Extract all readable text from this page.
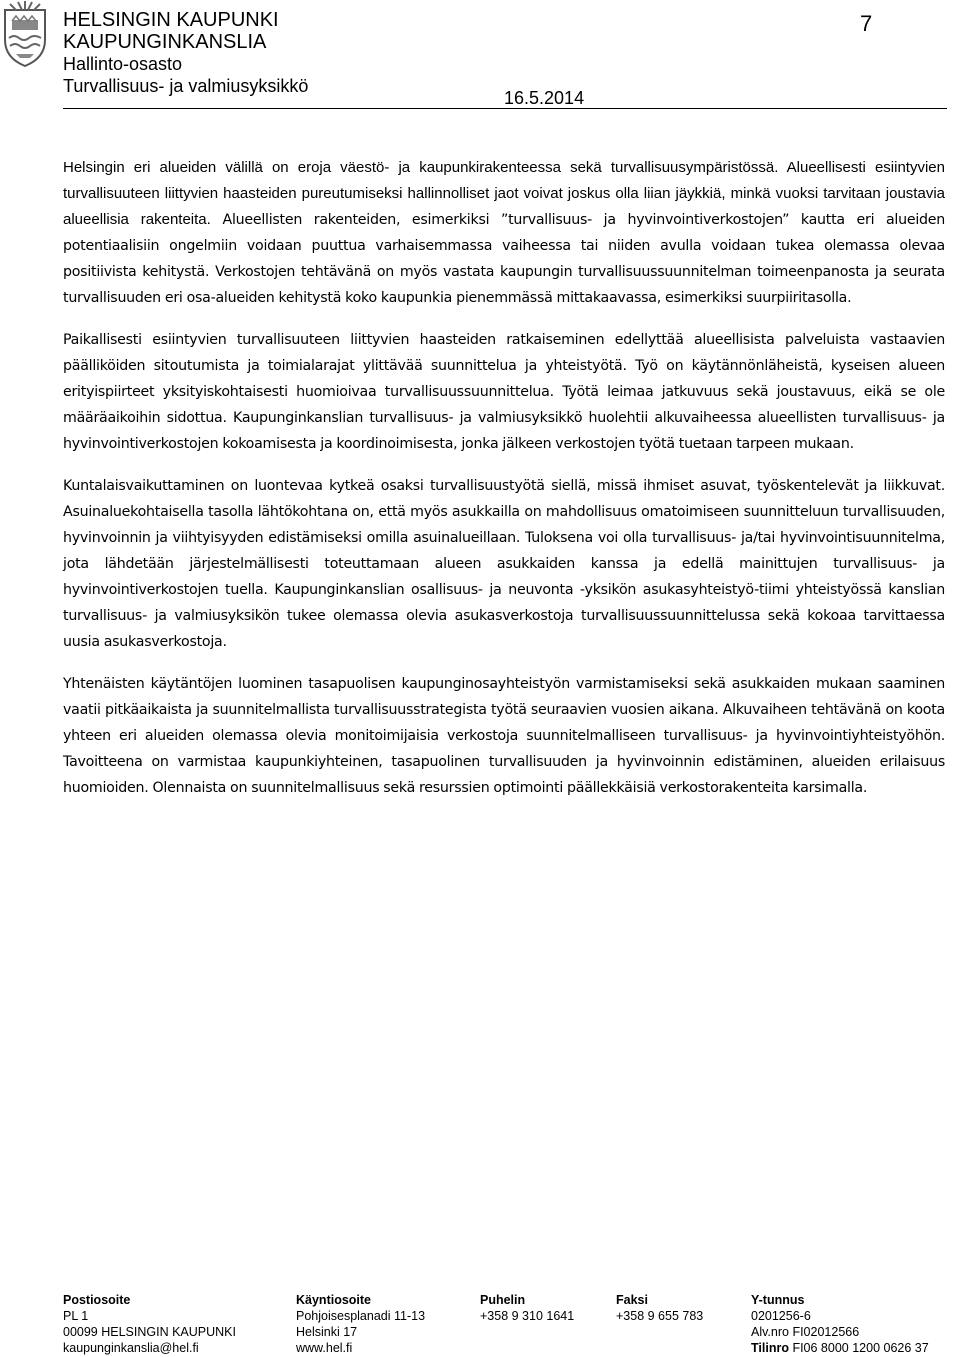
HELSINGIN KAUPUNKI
KAUPUNGINKANSLIA
Hallinto-osasto
Turvallisuus- ja valmiusyksikkö
16.5.2014
7

Helsingin eri alueiden välillä on eroja väestö- ja kaupunkirakenteessa sekä turvallisuusympäristössä. Alueellisesti esiintyvien turvallisuuteen liittyvien haasteiden pureutumiseksi hallinnolliset jaot voivat joskus olla liian jäykkiä, minkä vuoksi tarvitaan joustavia alueellisia rakenteita. Alueellisten rakenteiden, esimerkiksi ”turvallisuus- ja hyvinvointiverkostojen” kautta eri alueiden potentiaalisiin ongelmiin voidaan puuttua varhaisemmassa vaiheessa tai niiden avulla voidaan tukea olemassa olevaa positiivista kehitystä. Verkostojen tehtävänä on myös vastata kaupungin turvallisuussuunnitelman toimeenpanosta ja seurata turvallisuuden eri osa-alueiden kehitystä koko kaupunkia pienemmässä mittakaavassa, esimerkiksi suurpiiritasolla.

Paikallisesti esiintyvien turvallisuuteen liittyvien haasteiden ratkaiseminen edellyttää alueellisista palveluista vastaavien päälliköiden sitoutumista ja toimialarajat ylittävää suunnittelua ja yhteistyötä. Työ on käytännönläheistä, kyseisen alueen erityispiirteet yksityiskohtaisesti huomioivaa turvallisuussuunnittelua. Työtä leimaa jatkuvuus sekä joustavuus, eikä se ole määräaikoihin sidottua. Kaupunginkanslian turvallisuus- ja valmiusyksikkö huolehtii alkuvaiheessa alueellisten turvallisuus- ja hyvinvointiverkostojen kokoamisesta ja koordinoimisesta, jonka jälkeen verkostojen työtä tuetaan tarpeen mukaan.

Kuntalaisvaikuttaminen on luontevaa kytkeä osaksi turvallisuustyötä siellä, missä ihmiset asuvat, työskentelevät ja liikkuvat. Asuinaluekohtaisella tasolla lähtökohtana on, että myös asukkailla on mahdollisuus omatoimiseen suunnitteluun turvallisuuden, hyvinvoinnin ja viihtyisyyden edistämiseksi omilla asuinalueillaan. Tuloksena voi olla turvallisuus- ja/tai hyvinvointisuunnitelma, jota lähdetään järjestelmällisesti toteuttamaan alueen asukkaiden kanssa ja edellä mainittujen turvallisuus- ja hyvinvointiverkostojen tuella. Kaupunginkanslian osallisuus- ja neuvonta -yksikön asukasyhteistyö-tiimi yhteistyössä kanslian turvallisuus- ja valmiusyksikön tukee olemassa olevia asukasverkostoja turvallisuussuunnittelussa sekä kokoaa tarvittaessa uusia asukasverkostoja.

Yhtenäisten käytäntöjen luominen tasapuolisen kaupunginosayhteistyön varmistamiseksi sekä asukkaiden mukaan saaminen vaatii pitkäaikaista ja suunnitelmallista turvallisuusstrategista työtä seuraavien vuosien aikana. Alkuvaiheen tehtävänä on koota yhteen eri alueiden olemassa olevia monitoimijaisia verkostoja suunnitelmalliseen turvallisuus- ja hyvinvointiyhteistyöhön. Tavoitteena on varmistaa kaupunkiyhteinen, tasapuolinen turvallisuuden ja hyvinvoinnin edistäminen, alueiden erilaisuus huomioiden. Olennaista on suunnitelmallisuus sekä resurssien optimointi päällekkäisiä verkostorakenteita karsimalla.

Postiosoite
PL 1
00099 HELSINGIN KAUPUNKI
kaupunginkanslia@hel.fi
Käyntiosoite
Pohjoisesplanadi 11-13
Helsinki 17
www.hel.fi
Puhelin
+358 9 310 1641
Faksi
+358 9 655 783
Y-tunnus
0201256-6
Alv.nro FI02012566
Tilinro FI06 8000 1200 0626 37
